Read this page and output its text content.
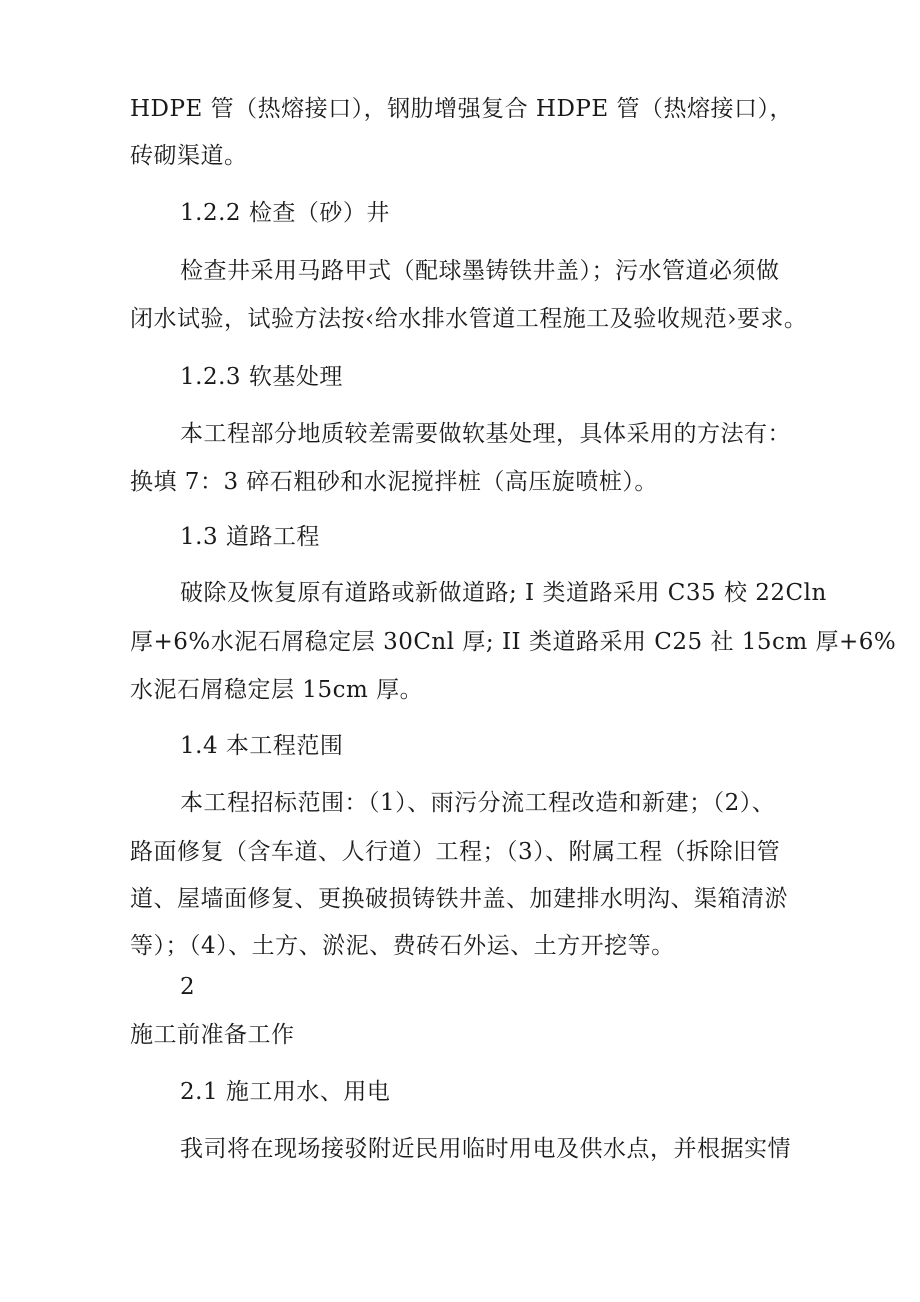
HDPE 管（热熔接口），钢肋增强复合 HDPE 管（热熔接口），
砖砌渠道。
1.2.2 检查（砂）井
检查井采用马路甲式（配球墨铸铁井盖）；污水管道必须做
闭水试验，试验方法按‹给水排水管道工程施工及验收规范›要求。
1.2.3 软基处理
本工程部分地质较差需要做软基处理，具体采用的方法有：
换填 7：3 碎石粗砂和水泥搅拌桩（高压旋喷桩）。
1.3 道路工程
破除及恢复原有道路或新做道路; I 类道路采用 C35 校 22Cln
厚+6%水泥石屑稳定层 30Cnl 厚; II 类道路采用 C25 社 15cm 厚+6%
水泥石屑稳定层 15cm 厚。
1.4 本工程范围
本工程招标范围：（1）、雨污分流工程改造和新建；（2）、
路面修复（含车道、人行道）工程；（3）、附属工程（拆除旧管
道、屋墙面修复、更换破损铸铁井盖、加建排水明沟、渠箱清淤
等）；（4）、土方、淤泥、费砖石外运、土方开挖等。
2
施工前准备工作
2.1 施工用水、用电
我司将在现场接驳附近民用临时用电及供水点，并根据实情
